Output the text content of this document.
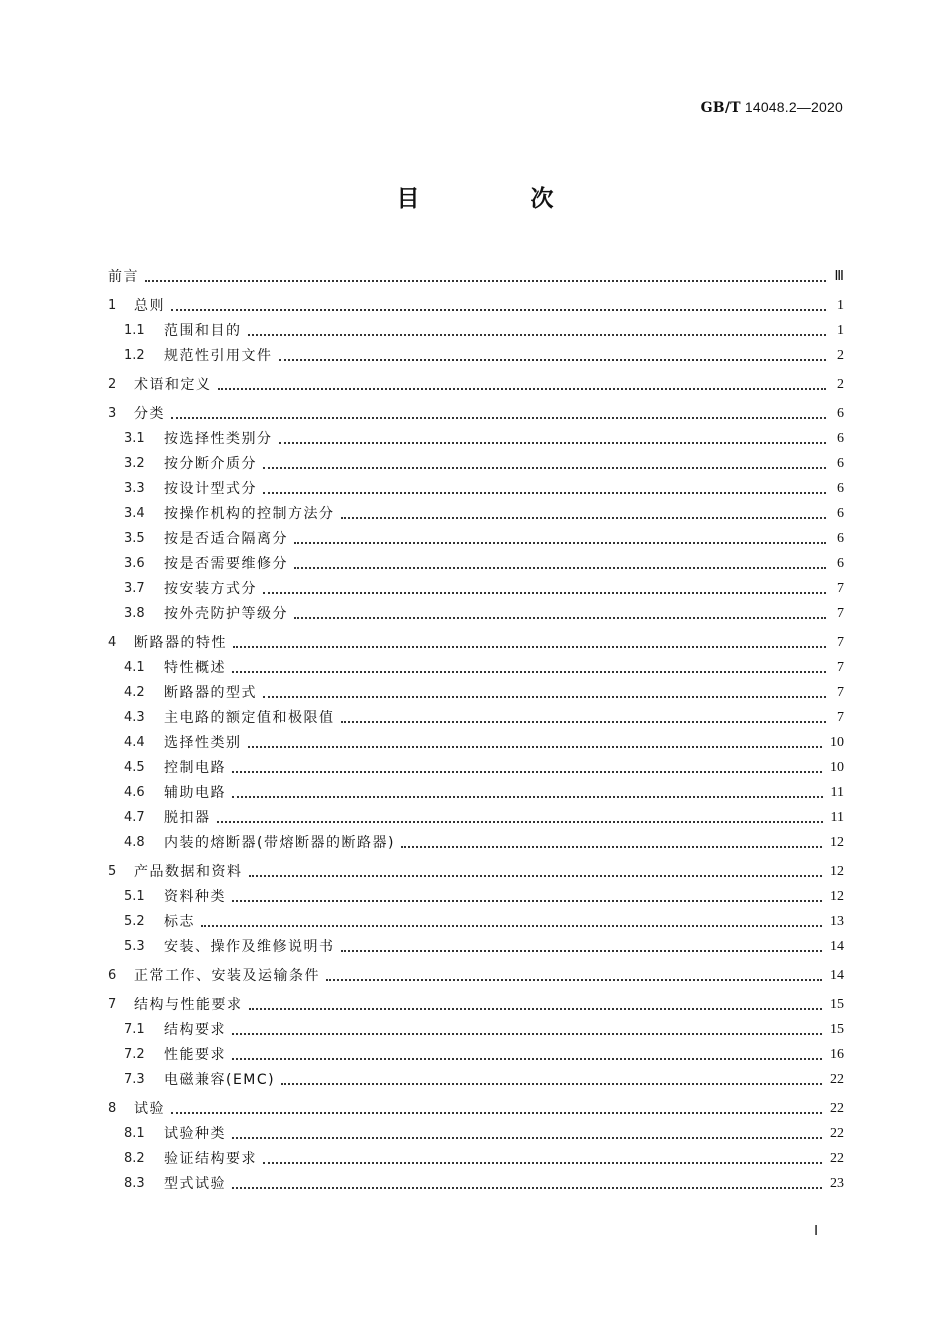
GB/T 14048.2—2020
目　次
前言	Ⅲ
1	总则	1
1.1	范围和目的	1
1.2	规范性引用文件	2
2	术语和定义	2
3	分类	6
3.1	按选择性类别分	6
3.2	按分断介质分	6
3.3	按设计型式分	6
3.4	按操作机构的控制方法分	6
3.5	按是否适合隔离分	6
3.6	按是否需要维修分	6
3.7	按安装方式分	7
3.8	按外壳防护等级分	7
4	断路器的特性	7
4.1	特性概述	7
4.2	断路器的型式	7
4.3	主电路的额定值和极限值	7
4.4	选择性类别	10
4.5	控制电路	10
4.6	辅助电路	11
4.7	脱扣器	11
4.8	内装的熔断器(带熔断器的断路器)	12
5	产品数据和资料	12
5.1	资料种类	12
5.2	标志	13
5.3	安装、操作及维修说明书	14
6	正常工作、安装及运输条件	14
7	结构与性能要求	15
7.1	结构要求	15
7.2	性能要求	16
7.3	电磁兼容(EMC)	22
8	试验	22
8.1	试验种类	22
8.2	验证结构要求	22
8.3	型式试验	23
Ⅰ
